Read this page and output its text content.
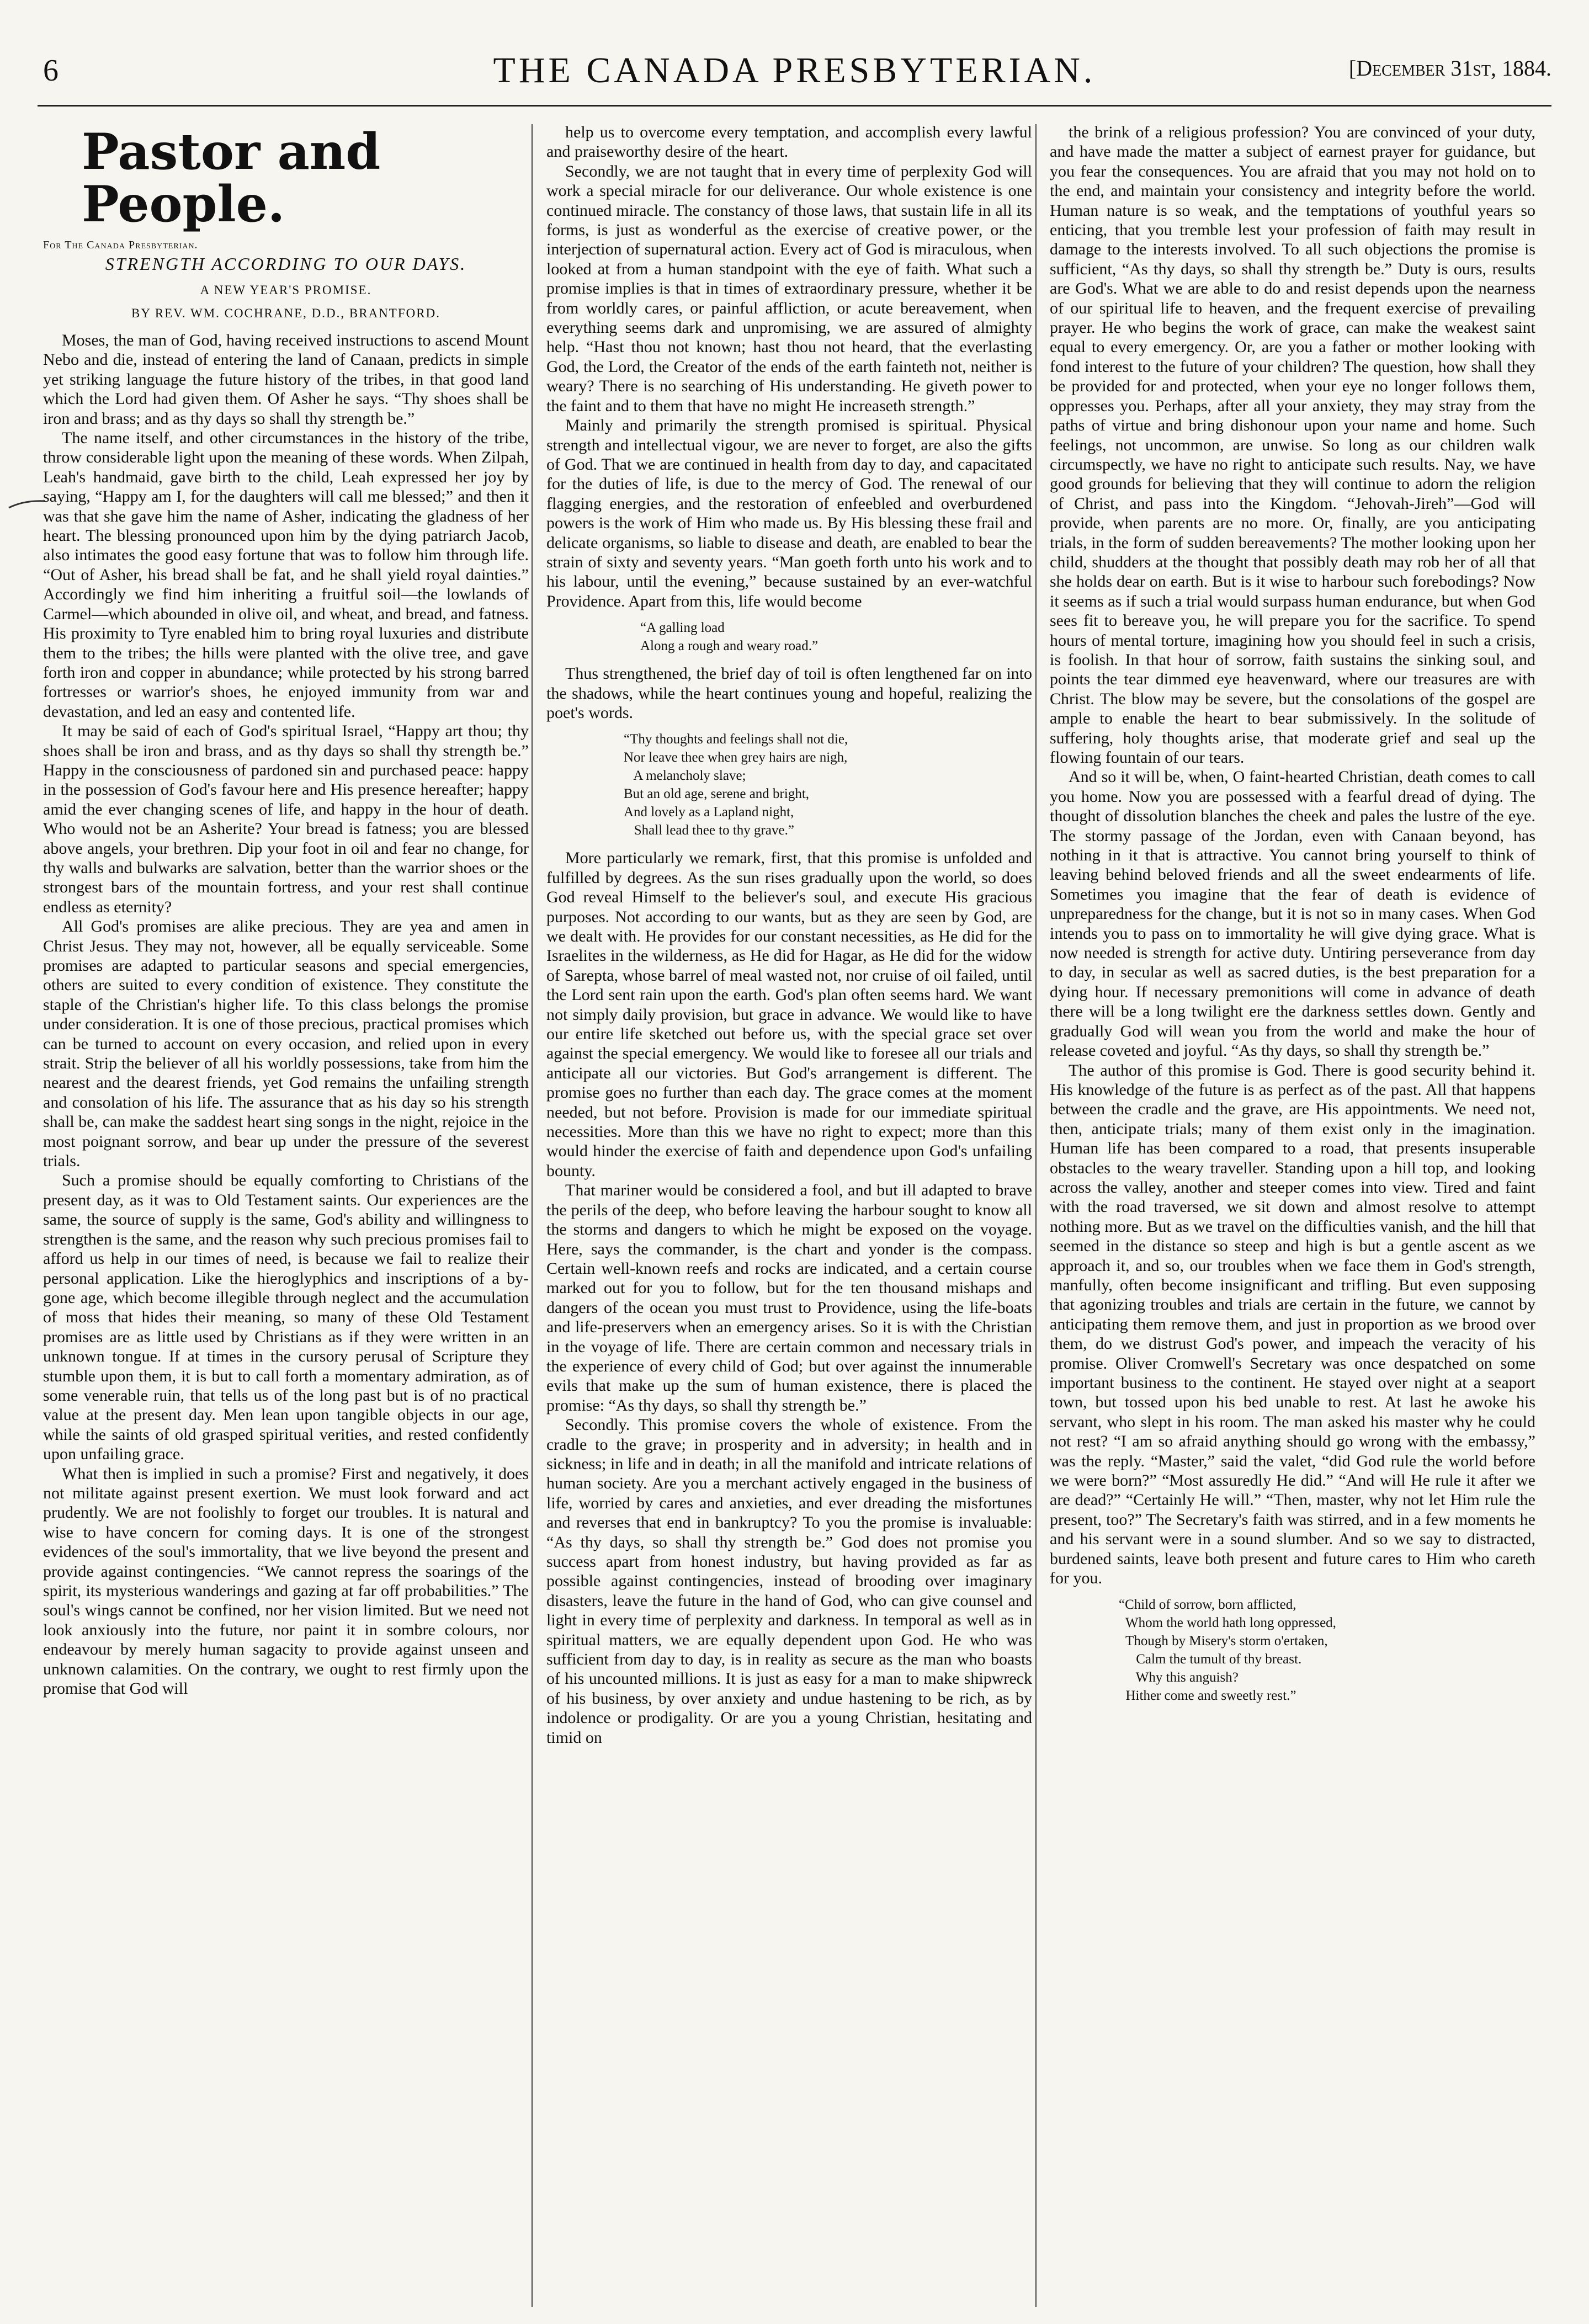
6	THE CANADA PRESBYTERIAN.	[December 31st, 1884.
Pastor and People.
For The Canada Presbyterian.
STRENGTH ACCORDING TO OUR DAYS.
A NEW YEAR'S PROMISE.
BY REV. WM. COCHRANE, D.D., BRANTFORD.

Moses, the man of God, having received instructions to ascend Mount Nebo and die, instead of entering the land of Canaan, predicts in simple yet striking language the future history of the tribes, in that good land which the Lord had given them. Of Asher he says. “Thy shoes shall be iron and brass; and as thy days so shall thy strength be.”

The name itself, and other circumstances in the history of the tribe, throw considerable light upon the meaning of these words. When Zilpah, Leah's handmaid, gave birth to the child, Leah expressed her joy by saying, “Happy am I, for the daughters will call me blessed;” and then it was that she gave him the name of Asher, indicating the gladness of her heart. The blessing pronounced upon him by the dying patriarch Jacob, also intimates the good easy fortune that was to follow him through life. “Out of Asher, his bread shall be fat, and he shall yield royal dainties.” Accordingly we find him inheriting a fruitful soil—the lowlands of Carmel—which abounded in olive oil, and wheat, and bread, and fatness. His proximity to Tyre enabled him to bring royal luxuries and distribute them to the tribes; the hills were planted with the olive tree, and gave forth iron and copper in abundance; while protected by his strong barred fortresses or warrior's shoes, he enjoyed immunity from war and devastation, and led an easy and contented life.

It may be said of each of God's spiritual Israel, “Happy art thou; thy shoes shall be iron and brass, and as thy days so shall thy strength be.” Happy in the consciousness of pardoned sin and purchased peace: happy in the possession of God's favour here and His presence hereafter; happy amid the ever changing scenes of life, and happy in the hour of death. Who would not be an Asherite? Your bread is fatness; you are blessed above angels, your brethren. Dip your foot in oil and fear no change, for thy walls and bulwarks are salvation, better than the warrior shoes or the strongest bars of the mountain fortress, and your rest shall continue endless as eternity?

All God's promises are alike precious. They are yea and amen in Christ Jesus. They may not, however, all be equally serviceable. Some promises are adapted to particular seasons and special emergencies, others are suited to every condition of existence. They constitute the staple of the Christian's higher life. To this class belongs the promise under consideration. It is one of those precious, practical promises which can be turned to account on every occasion, and relied upon in every strait. Strip the believer of all his worldly possessions, take from him the nearest and the dearest friends, yet God remains the unfailing strength and consolation of his life. The assurance that as his day so his strength shall be, can make the saddest heart sing songs in the night, rejoice in the most poignant sorrow, and bear up under the pressure of the severest trials.

Such a promise should be equally comforting to Christians of the present day, as it was to Old Testament saints. Our experiences are the same, the source of supply is the same, God's ability and willingness to strengthen is the same, and the reason why such precious promises fail to afford us help in our times of need, is because we fail to realize their personal application. Like the hieroglyphics and inscriptions of a by-gone age, which become illegible through neglect and the accumulation of moss that hides their meaning, so many of these Old Testament promises are as little used by Christians as if they were written in an unknown tongue. If at times in the cursory perusal of Scripture they stumble upon them, it is but to call forth a momentary admiration, as of some venerable ruin, that tells us of the long past but is of no practical value at the present day. Men lean upon tangible objects in our age, while the saints of old grasped spiritual verities, and rested confidently upon unfailing grace.

What then is implied in such a promise? First and negatively, it does not militate against present exertion. We must look forward and act prudently. We are not foolishly to forget our troubles. It is natural and wise to have concern for coming days. It is one of the strongest evidences of the soul's immortality, that we live beyond the present and provide against contingencies. “We cannot repress the soarings of the spirit, its mysterious wanderings and gazing at far off probabilities.” The soul's wings cannot be confined, nor her vision limited. But we need not look anxiously into the future, nor paint it in sombre colours, nor endeavour by merely human sagacity to provide against unseen and unknown calamities. On the contrary, we ought to rest firmly upon the promise that God will

help us to overcome every temptation, and accomplish every lawful and praiseworthy desire of the heart.

Secondly, we are not taught that in every time of perplexity God will work a special miracle for our deliverance. Our whole existence is one continued miracle. The constancy of those laws, that sustain life in all its forms, is just as wonderful as the exercise of creative power, or the interjection of supernatural action. Every act of God is miraculous, when looked at from a human standpoint with the eye of faith. What such a promise implies is that in times of extraordinary pressure, whether it be from worldly cares, or painful affliction, or acute bereavement, when everything seems dark and unpromising, we are assured of almighty help. “Hast thou not known; hast thou not heard, that the everlasting God, the Lord, the Creator of the ends of the earth fainteth not, neither is weary? There is no searching of His understanding. He giveth power to the faint and to them that have no might He increaseth strength.”

Mainly and primarily the strength promised is spiritual. Physical strength and intellectual vigour, we are never to forget, are also the gifts of God. That we are continued in health from day to day, and capacitated for the duties of life, is due to the mercy of God. The renewal of our flagging energies, and the restoration of enfeebled and overburdened powers is the work of Him who made us. By His blessing these frail and delicate organisms, so liable to disease and death, are enabled to bear the strain of sixty and seventy years. “Man goeth forth unto his work and to his labour, until the evening,” because sustained by an ever-watchful Providence. Apart from this, life would become

“A galling load
Along a rough and weary road.”

Thus strengthened, the brief day of toil is often lengthened far on into the shadows, while the heart continues young and hopeful, realizing the poet's words.

“Thy thoughts and feelings shall not die,
Nor leave thee when grey hairs are nigh,
A melancholy slave;
But an old age, serene and bright,
And lovely as a Lapland night,
Shall lead thee to thy grave.”

More particularly we remark, first, that this promise is unfolded and fulfilled by degrees. As the sun rises gradually upon the world, so does God reveal Himself to the believer's soul, and execute His gracious purposes. Not according to our wants, but as they are seen by God, are we dealt with. He provides for our constant necessities, as He did for the Israelites in the wilderness, as He did for Hagar, as He did for the widow of Sarepta, whose barrel of meal wasted not, nor cruise of oil failed, until the Lord sent rain upon the earth. God's plan often seems hard. We want not simply daily provision, but grace in advance. We would like to have our entire life sketched out before us, with the special grace set over against the special emergency. We would like to foresee all our trials and anticipate all our victories. But God's arrangement is different. The promise goes no further than each day. The grace comes at the moment needed, but not before. Provision is made for our immediate spiritual necessities. More than this we have no right to expect; more than this would hinder the exercise of faith and dependence upon God's unfailing bounty.

That mariner would be considered a fool, and but ill adapted to brave the perils of the deep, who before leaving the harbour sought to know all the storms and dangers to which he might be exposed on the voyage. Here, says the commander, is the chart and yonder is the compass. Certain well-known reefs and rocks are indicated, and a certain course marked out for you to follow, but for the ten thousand mishaps and dangers of the ocean you must trust to Providence, using the life-boats and life-preservers when an emergency arises. So it is with the Christian in the voyage of life. There are certain common and necessary trials in the experience of every child of God; but over against the innumerable evils that make up the sum of human existence, there is placed the promise: “As thy days, so shall thy strength be.”

Secondly. This promise covers the whole of existence. From the cradle to the grave; in prosperity and in adversity; in health and in sickness; in life and in death; in all the manifold and intricate relations of human society. Are you a merchant actively engaged in the business of life, worried by cares and anxieties, and ever dreading the misfortunes and reverses that end in bankruptcy? To you the promise is invaluable: “As thy days, so shall thy strength be.” God does not promise you success apart from honest industry, but having provided as far as possible against contingencies, instead of brooding over imaginary disasters, leave the future in the hand of God, who can give counsel and light in every time of perplexity and darkness. In temporal as well as in spiritual matters, we are equally dependent upon God. He who was sufficient from day to day, is in reality as secure as the man who boasts of his uncounted millions. It is just as easy for a man to make shipwreck of his business, by over anxiety and undue hastening to be rich, as by indolence or prodigality. Or are you a young Christian, hesitating and timid on

the brink of a religious profession? You are convinced of your duty, and have made the matter a subject of earnest prayer for guidance, but you fear the consequences. You are afraid that you may not hold on to the end, and maintain your consistency and integrity before the world. Human nature is so weak, and the temptations of youthful years so enticing, that you tremble lest your profession of faith may result in damage to the interests involved. To all such objections the promise is sufficient, “As thy days, so shall thy strength be.” Duty is ours, results are God's. What we are able to do and resist depends upon the nearness of our spiritual life to heaven, and the frequent exercise of prevailing prayer. He who begins the work of grace, can make the weakest saint equal to every emergency. Or, are you a father or mother looking with fond interest to the future of your children? The question, how shall they be provided for and protected, when your eye no longer follows them, oppresses you. Perhaps, after all your anxiety, they may stray from the paths of virtue and bring dishonour upon your name and home. Such feelings, not uncommon, are unwise. So long as our children walk circumspectly, we have no right to anticipate such results. Nay, we have good grounds for believing that they will continue to adorn the religion of Christ, and pass into the Kingdom. “Jehovah-Jireh”—God will provide, when parents are no more. Or, finally, are you anticipating trials, in the form of sudden bereavements? The mother looking upon her child, shudders at the thought that possibly death may rob her of all that she holds dear on earth. But is it wise to harbour such forebodings? Now it seems as if such a trial would surpass human endurance, but when God sees fit to bereave you, he will prepare you for the sacrifice. To spend hours of mental torture, imagining how you should feel in such a crisis, is foolish. In that hour of sorrow, faith sustains the sinking soul, and points the tear dimmed eye heavenward, where our treasures are with Christ. The blow may be severe, but the consolations of the gospel are ample to enable the heart to bear submissively. In the solitude of suffering, holy thoughts arise, that moderate grief and seal up the flowing fountain of our tears.

And so it will be, when, O faint-hearted Christian, death comes to call you home. Now you are possessed with a fearful dread of dying. The thought of dissolution blanches the cheek and pales the lustre of the eye. The stormy passage of the Jordan, even with Canaan beyond, has nothing in it that is attractive. You cannot bring yourself to think of leaving behind beloved friends and all the sweet endearments of life. Sometimes you imagine that the fear of death is evidence of unpreparedness for the change, but it is not so in many cases. When God intends you to pass on to immortality he will give dying grace. What is now needed is strength for active duty. Untiring perseverance from day to day, in secular as well as sacred duties, is the best preparation for a dying hour. If necessary premonitions will come in advance of death there will be a long twilight ere the darkness settles down. Gently and gradually God will wean you from the world and make the hour of release coveted and joyful. “As thy days, so shall thy strength be.”

The author of this promise is God. There is good security behind it. His knowledge of the future is as perfect as of the past. All that happens between the cradle and the grave, are His appointments. We need not, then, anticipate trials; many of them exist only in the imagination. Human life has been compared to a road, that presents insuperable obstacles to the weary traveller. Standing upon a hill top, and looking across the valley, another and steeper comes into view. Tired and faint with the road traversed, we sit down and almost resolve to attempt nothing more. But as we travel on the difficulties vanish, and the hill that seemed in the distance so steep and high is but a gentle ascent as we approach it, and so, our troubles when we face them in God's strength, manfully, often become insignificant and trifling. But even supposing that agonizing troubles and trials are certain in the future, we cannot by anticipating them remove them, and just in proportion as we brood over them, do we distrust God's power, and impeach the veracity of his promise. Oliver Cromwell's Secretary was once despatched on some important business to the continent. He stayed over night at a seaport town, but tossed upon his bed unable to rest. At last he awoke his servant, who slept in his room. The man asked his master why he could not rest? “I am so afraid anything should go wrong with the embassy,” was the reply. “Master,” said the valet, “did God rule the world before we were born?” “Most assuredly He did.” “And will He rule it after we are dead?” “Certainly He will.” “Then, master, why not let Him rule the present, too?” The Secretary's faith was stirred, and in a few moments he and his servant were in a sound slumber. And so we say to distracted, burdened saints, leave both present and future cares to Him who careth for you.

“Child of sorrow, born afflicted,
Whom the world hath long oppressed,
Though by Misery's storm o'ertaken,
Calm the tumult of thy breast.
Why this anguish?
Hither come and sweetly rest.”
